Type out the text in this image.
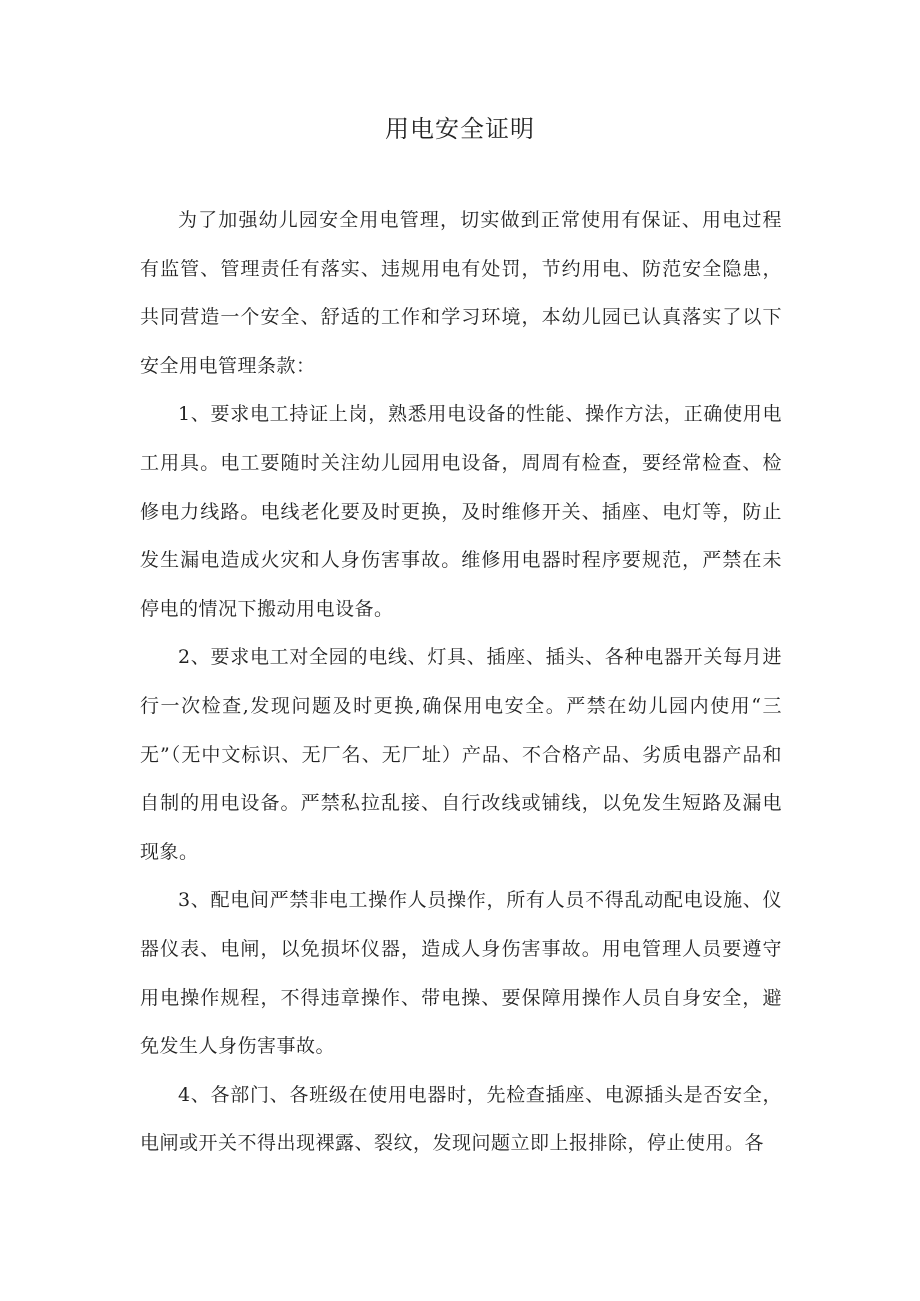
用电安全证明

为了加强幼儿园安全用电管理，切实做到正常使用有保证、用电过程有监管、管理责任有落实、违规用电有处罚，节约用电、防范安全隐患，共同营造一个安全、舒适的工作和学习环境，本幼儿园已认真落实了以下安全用电管理条款：

1、要求电工持证上岗，熟悉用电设备的性能、操作方法，正确使用电工用具。电工要随时关注幼儿园用电设备，周周有检查，要经常检查、检修电力线路。电线老化要及时更换，及时维修开关、插座、电灯等，防止发生漏电造成火灾和人身伤害事故。维修用电器时程序要规范，严禁在未停电的情况下搬动用电设备。

2、要求电工对全园的电线、灯具、插座、插头、各种电器开关每月进行一次检查,发现问题及时更换,确保用电安全。严禁在幼儿园内使用“三无”（无中文标识、无厂名、无厂址）产品、不合格产品、劣质电器产品和自制的用电设备。严禁私拉乱接、自行改线或铺线，以免发生短路及漏电现象。

3、配电间严禁非电工操作人员操作，所有人员不得乱动配电设施、仪器仪表、电闸，以免损坏仪器，造成人身伤害事故。用电管理人员要遵守用电操作规程，不得违章操作、带电操、要保障用操作人员自身安全，避免发生人身伤害事故。

4、各部门、各班级在使用电器时，先检查插座、电源插头是否安全，电闸或开关不得出现裸露、裂纹，发现问题立即上报排除，停止使用。各
